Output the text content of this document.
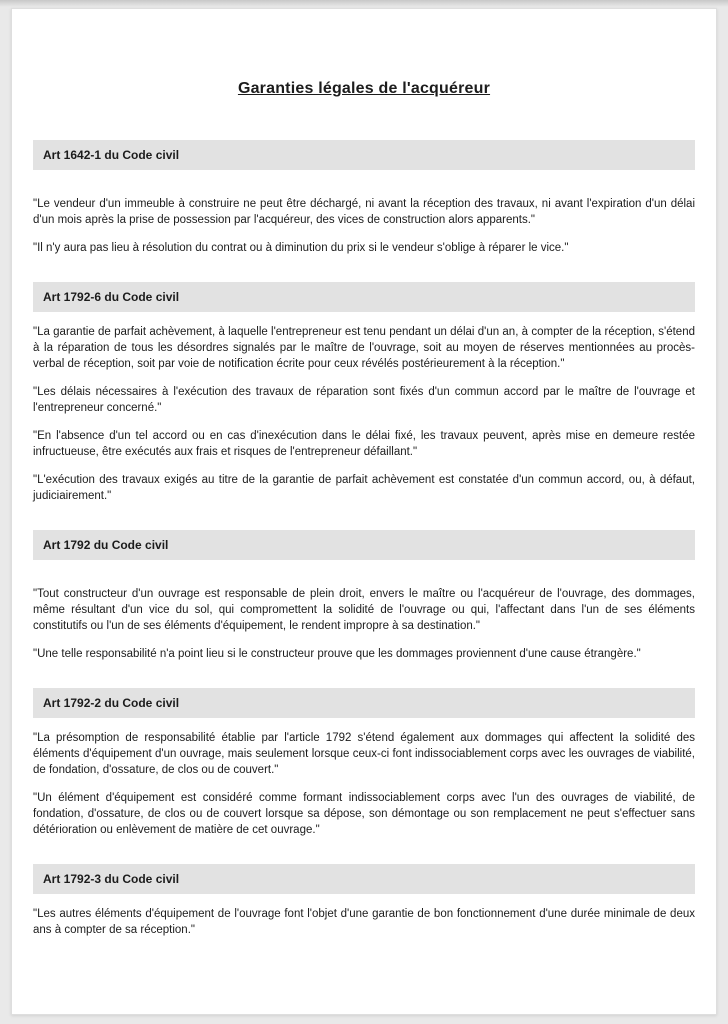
Garanties légales de l'acquéreur
Art 1642-1 du Code civil

"Le vendeur d'un immeuble à construire ne peut être déchargé, ni avant la réception des travaux, ni avant l'expiration d'un délai d'un mois après la prise de possession par l'acquéreur, des vices de construction alors apparents."

"Il n'y aura pas lieu à résolution du contrat ou à diminution du prix si le vendeur s'oblige à réparer le vice."

Art 1792-6 du Code civil

"La garantie de parfait achèvement, à laquelle l'entrepreneur est tenu pendant un délai d'un an, à compter de la réception, s'étend à la réparation de tous les désordres signalés par le maître de l'ouvrage, soit au moyen de réserves mentionnées au procès-verbal de réception, soit par voie de notification écrite pour ceux révélés postérieurement à la réception."

"Les délais nécessaires à l'exécution des travaux de réparation sont fixés d'un commun accord par le maître de l'ouvrage et l'entrepreneur concerné."

"En l'absence d'un tel accord ou en cas d'inexécution dans le délai fixé, les travaux peuvent, après mise en demeure restée infructueuse, être exécutés aux frais et risques de l'entrepreneur défaillant."

"L'exécution des travaux exigés au titre de la garantie de parfait achèvement est constatée d'un commun accord, ou, à défaut, judiciairement."

Art 1792 du Code civil

"Tout constructeur d'un ouvrage est responsable de plein droit, envers le maître ou l'acquéreur de l'ouvrage, des dommages, même résultant d'un vice du sol, qui compromettent la solidité de l'ouvrage ou qui, l'affectant dans l'un de ses éléments constitutifs ou l'un de ses éléments d'équipement, le rendent impropre à sa destination."

"Une telle responsabilité n'a point lieu si le constructeur prouve que les dommages proviennent d'une cause étrangère."

Art 1792-2 du Code civil

"La présomption de responsabilité établie par l'article 1792 s'étend également aux dommages qui affectent la solidité des éléments d'équipement d'un ouvrage, mais seulement lorsque ceux-ci font indissociablement corps avec les ouvrages de viabilité, de fondation, d'ossature, de clos ou de couvert."

"Un élément d'équipement est considéré comme formant indissociablement corps avec l'un des ouvrages de viabilité, de fondation, d'ossature, de clos ou de couvert lorsque sa dépose, son démontage ou son remplacement ne peut s'effectuer sans détérioration ou enlèvement de matière de cet ouvrage."

Art 1792-3 du Code civil

"Les autres éléments d'équipement de l'ouvrage font l'objet d'une garantie de bon fonctionnement d'une durée minimale de deux ans à compter de sa réception."
